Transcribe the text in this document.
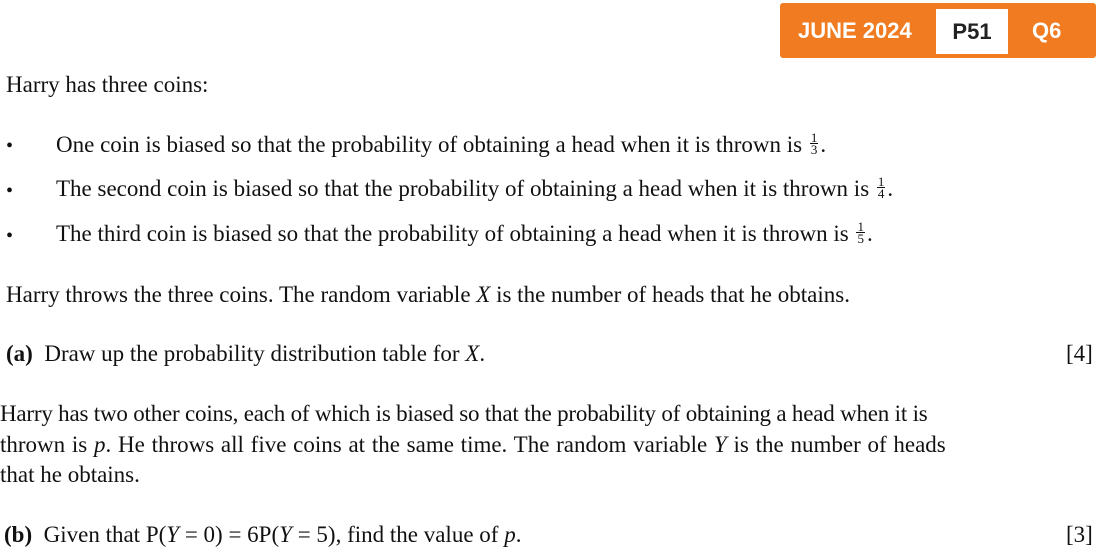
JUNE 2024	P51	Q6
Harry has three coins:
• One coin is biased so that the probability of obtaining a head when it is thrown is $\frac{1}{3}$ .
• The second coin is biased so that the probability of obtaining a head when it is thrown is $\frac{1}{4}$ .
• The third coin is biased so that the probability of obtaining a head when it is thrown is $\frac{1}{5}$ .
Harry throws the three coins. The random variable X is the number of heads that he obtains.
(a) Draw up the probability distribution table for X.	[4]
Harry has two other coins, each of which is biased so that the probability of obtaining a head when it is
thrown is p. He throws all five coins at the same time. The random variable Y is the number of heads
that he obtains.
(b) Given that P(Y = 0) = 6P(Y = 5), find the value of p.	[3]
